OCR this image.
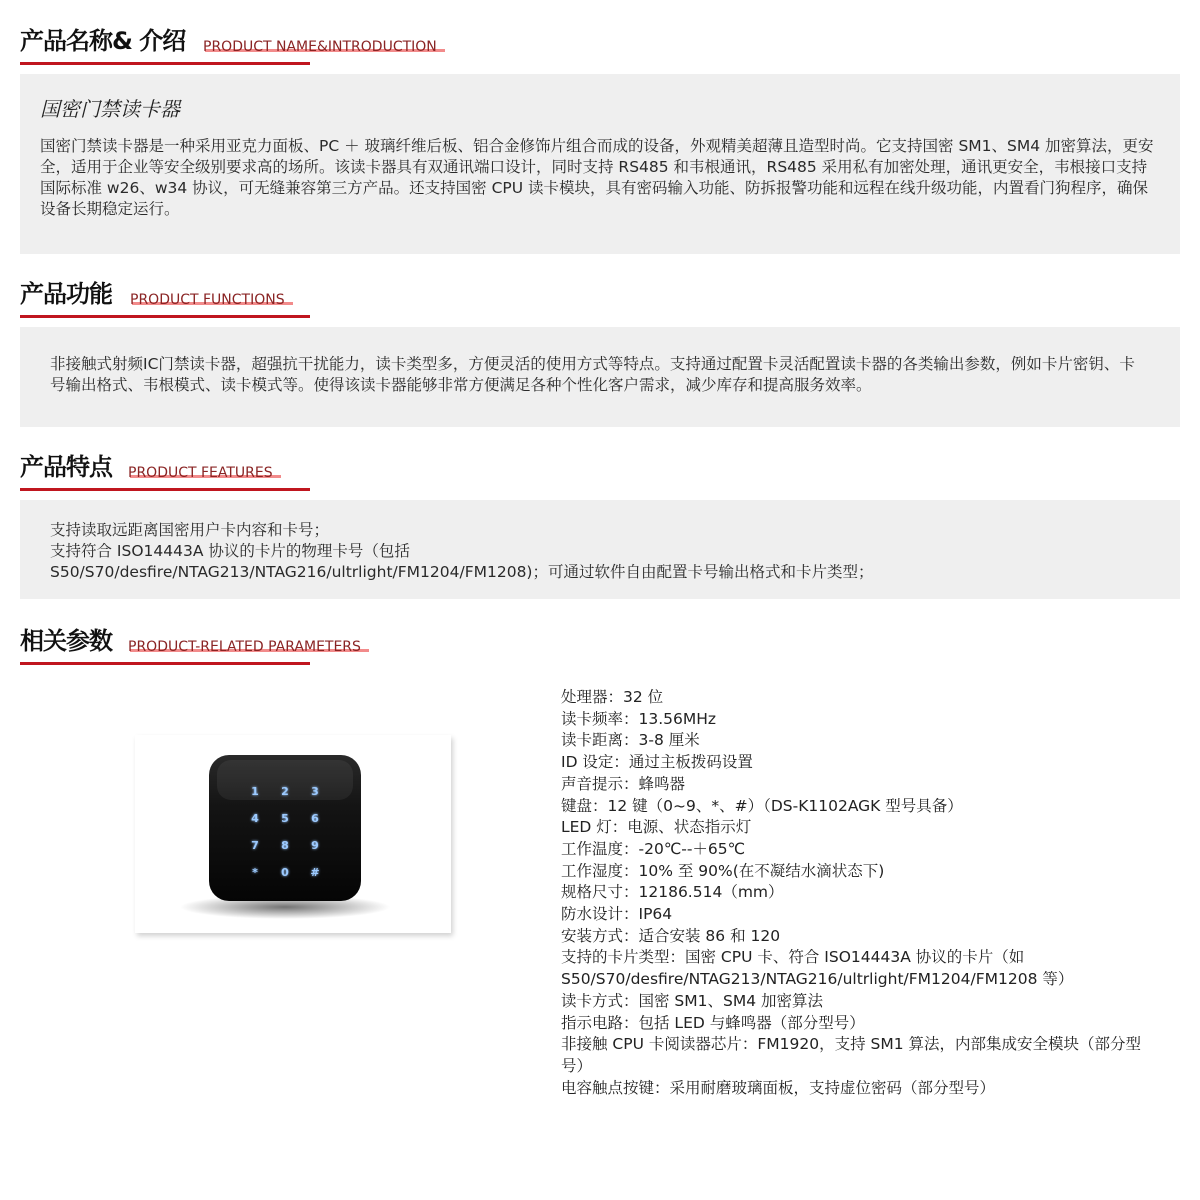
产品名称& 介绍 PRODUCT NAME&INTRODUCTION

国密门禁读卡器

国密门禁读卡器是一种采用亚克力面板、PC ＋ 玻璃纤维后板、铝合金修饰片组合而成的设备，外观精美超薄且造型时尚。它支持国密 SM1、SM4 加密算法，更安全，适用于企业等安全级别要求高的场所。该读卡器具有双通讯端口设计，同时支持 RS485 和韦根通讯，RS485 采用私有加密处理，通讯更安全，韦根接口支持国际标准 w26、w34 协议，可无缝兼容第三方产品。还支持国密 CPU 读卡模块，具有密码输入功能、防拆报警功能和远程在线升级功能，内置看门狗程序，确保设备长期稳定运行。

产品功能 PRODUCT FUNCTIONS

非接触式射频IC门禁读卡器，超强抗干扰能力，读卡类型多，方便灵活的使用方式等特点。支持通过配置卡灵活配置读卡器的各类输出参数，例如卡片密钥、卡号输出格式、韦根模式、读卡模式等。使得该读卡器能够非常方便满足各种个性化客户需求，减少库存和提高服务效率。

产品特点 PRODUCT FEATURES

支持读取远距离国密用户卡内容和卡号；

支持符合 ISO14443A 协议的卡片的物理卡号（包括

S50/S70/desfire/NTAG213/NTAG216/ultrlight/FM1204/FM1208)；可通过软件自由配置卡号输出格式和卡片类型；

相关参数 PRODUCT-RELATED PARAMETERS
1 2 3
4 5 6
7 8 9
* 0 #
处理器：32 位
读卡频率：13.56MHz
读卡距离：3-8 厘米
ID 设定：通过主板拨码设置
声音提示：蜂鸣器
键盘：12 键（0~9、*、#）（DS-K1102AGK 型号具备）
LED 灯：电源、状态指示灯
工作温度：-20℃--＋65℃
工作湿度：10% 至 90%(在不凝结水滴状态下)
规格尺寸：12186.514（mm）
防水设计：IP64
安装方式：适合安装 86 和 120
支持的卡片类型：国密 CPU 卡、符合 ISO14443A 协议的卡片（如S50/S70/desfire/NTAG213/NTAG216/ultrlight/FM1204/FM1208 等）
读卡方式：国密 SM1、SM4 加密算法
指示电路：包括 LED 与蜂鸣器（部分型号）
非接触 CPU 卡阅读器芯片：FM1920，支持 SM1 算法，内部集成安全模块（部分型号）
电容触点按键：采用耐磨玻璃面板，支持虚位密码（部分型号）
